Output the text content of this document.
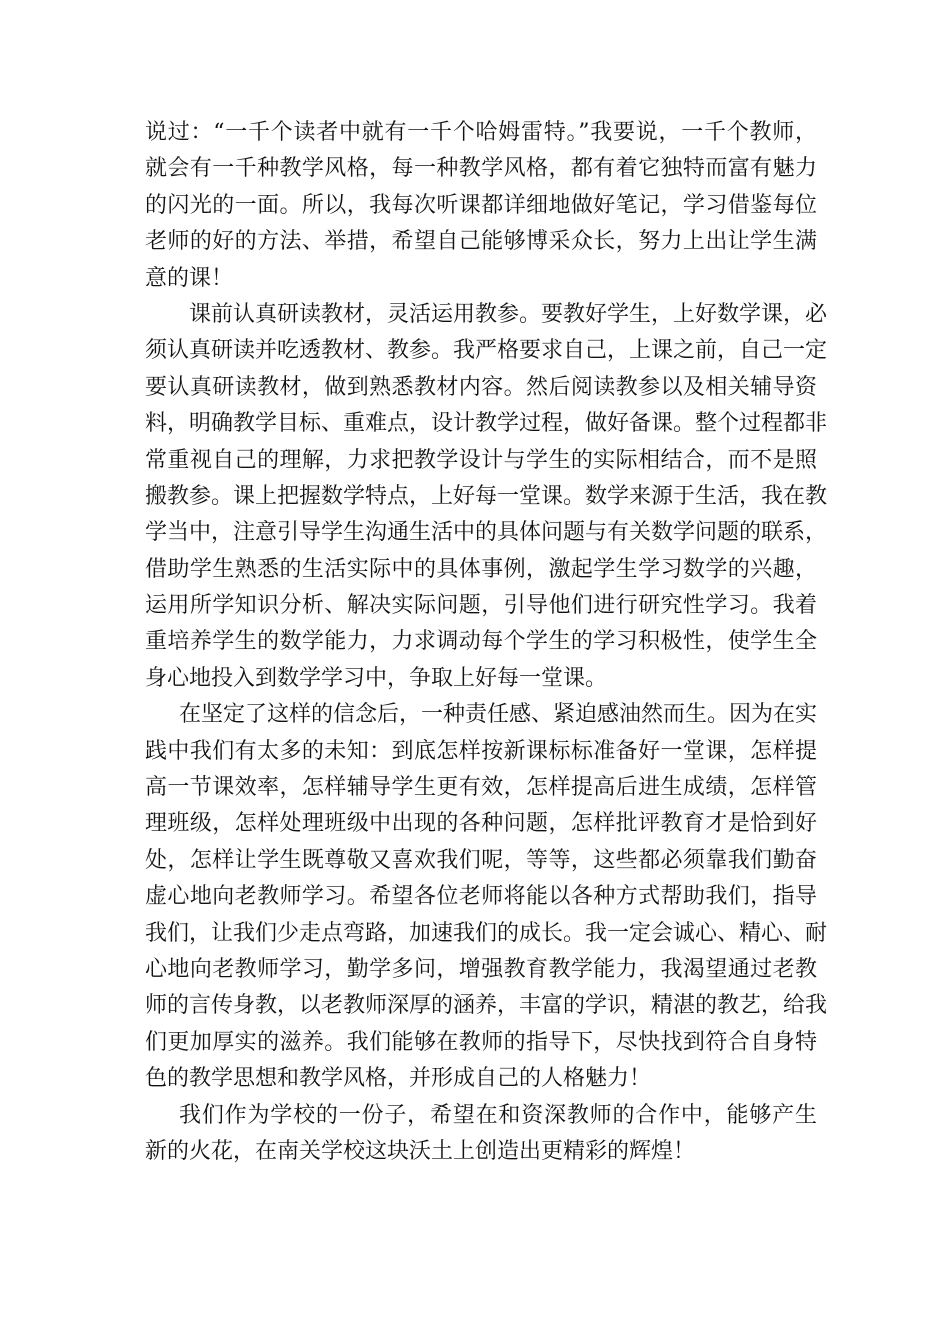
说过：“一千个读者中就有一千个哈姆雷特。”我要说，一千个教师，
就会有一千种教学风格，每一种教学风格，都有着它独特而富有魅力
的闪光的一面。所以，我每次听课都详细地做好笔记，学习借鉴每位
老师的好的方法、举措，希望自己能够博采众长，努力上出让学生满
意的课！
课前认真研读教材，灵活运用教参。要教好学生，上好数学课，必
须认真研读并吃透教材、教参。我严格要求自己，上课之前，自己一定
要认真研读教材，做到熟悉教材内容。然后阅读教参以及相关辅导资
料，明确教学目标、重难点，设计教学过程，做好备课。整个过程都非
常重视自己的理解，力求把教学设计与学生的实际相结合，而不是照
搬教参。课上把握数学特点，上好每一堂课。数学来源于生活，我在教
学当中，注意引导学生沟通生活中的具体问题与有关数学问题的联系，
借助学生熟悉的生活实际中的具体事例，激起学生学习数学的兴趣，
运用所学知识分析、解决实际问题，引导他们进行研究性学习。我着
重培养学生的数学能力，力求调动每个学生的学习积极性，使学生全
身心地投入到数学学习中，争取上好每一堂课。
在坚定了这样的信念后，一种责任感、紧迫感油然而生。因为在实
践中我们有太多的未知：到底怎样按新课标标准备好一堂课，怎样提
高一节课效率，怎样辅导学生更有效，怎样提高后进生成绩，怎样管
理班级，怎样处理班级中出现的各种问题，怎样批评教育才是恰到好
处，怎样让学生既尊敬又喜欢我们呢，等等，这些都必须靠我们勤奋
虚心地向老教师学习。希望各位老师将能以各种方式帮助我们，指导
我们，让我们少走点弯路，加速我们的成长。我一定会诚心、精心、耐
心地向老教师学习，勤学多问，增强教育教学能力，我渴望通过老教
师的言传身教，以老教师深厚的涵养，丰富的学识，精湛的教艺，给我
们更加厚实的滋养。我们能够在教师的指导下，尽快找到符合自身特
色的教学思想和教学风格，并形成自己的人格魅力！
我们作为学校的一份子，希望在和资深教师的合作中，能够产生
新的火花，在南关学校这块沃土上创造出更精彩的辉煌！
